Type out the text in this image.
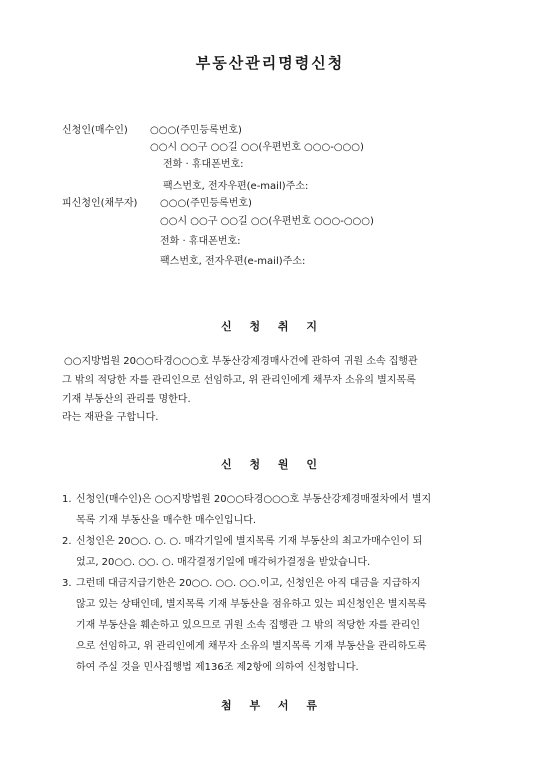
부동산관리명령신청
신청인(매수인) ○○○(주민등록번호)
○○시 ○○구 ○○길 ○○(우편번호 ○○○-○○○)
전화 · 휴대폰번호:
팩스번호, 전자우편(e-mail)주소:
피신청인(채무자) ○○○(주민등록번호)
○○시 ○○구 ○○길 ○○(우편번호 ○○○-○○○)
전화 · 휴대폰번호:
팩스번호, 전자우편(e-mail)주소:
신 청 취 지
○○지방법원 20○○타경○○○호 부동산강제경매사건에 관하여 귀원 소속 집행관
그 밖의 적당한 자를 관리인으로 선임하고, 위 관리인에게 채무자 소유의 별지목록
기재 부동산의 관리를 명한다.
라는 재판을 구합니다.
신 청 원 인
1. 신청인(매수인)은 ○○지방법원 20○○타경○○○호 부동산강제경매절차에서 별지
목록 기재 부동산을 매수한 매수인입니다.
2. 신청인은 20○○. ○. ○. 매각기일에 별지목록 기재 부동산의 최고가매수인이 되
었고, 20○○. ○○. ○. 매각결정기일에 매각허가결정을 받았습니다.
3. 그런데 대금지급기한은 20○○. ○○. ○○.이고, 신청인은 아직 대금을 지급하지
않고 있는 상태인데, 별지목록 기재 부동산을 점유하고 있는 피신청인은 별지목록
기재 부동산을 훼손하고 있으므로 귀원 소속 집행관 그 밖의 적당한 자를 관리인
으로 선임하고, 위 관리인에게 채무자 소유의 별지목록 기재 부동산을 관리하도록
하여 주실 것을 민사집행법 제136조 제2항에 의하여 신청합니다.
첨 부 서 류
